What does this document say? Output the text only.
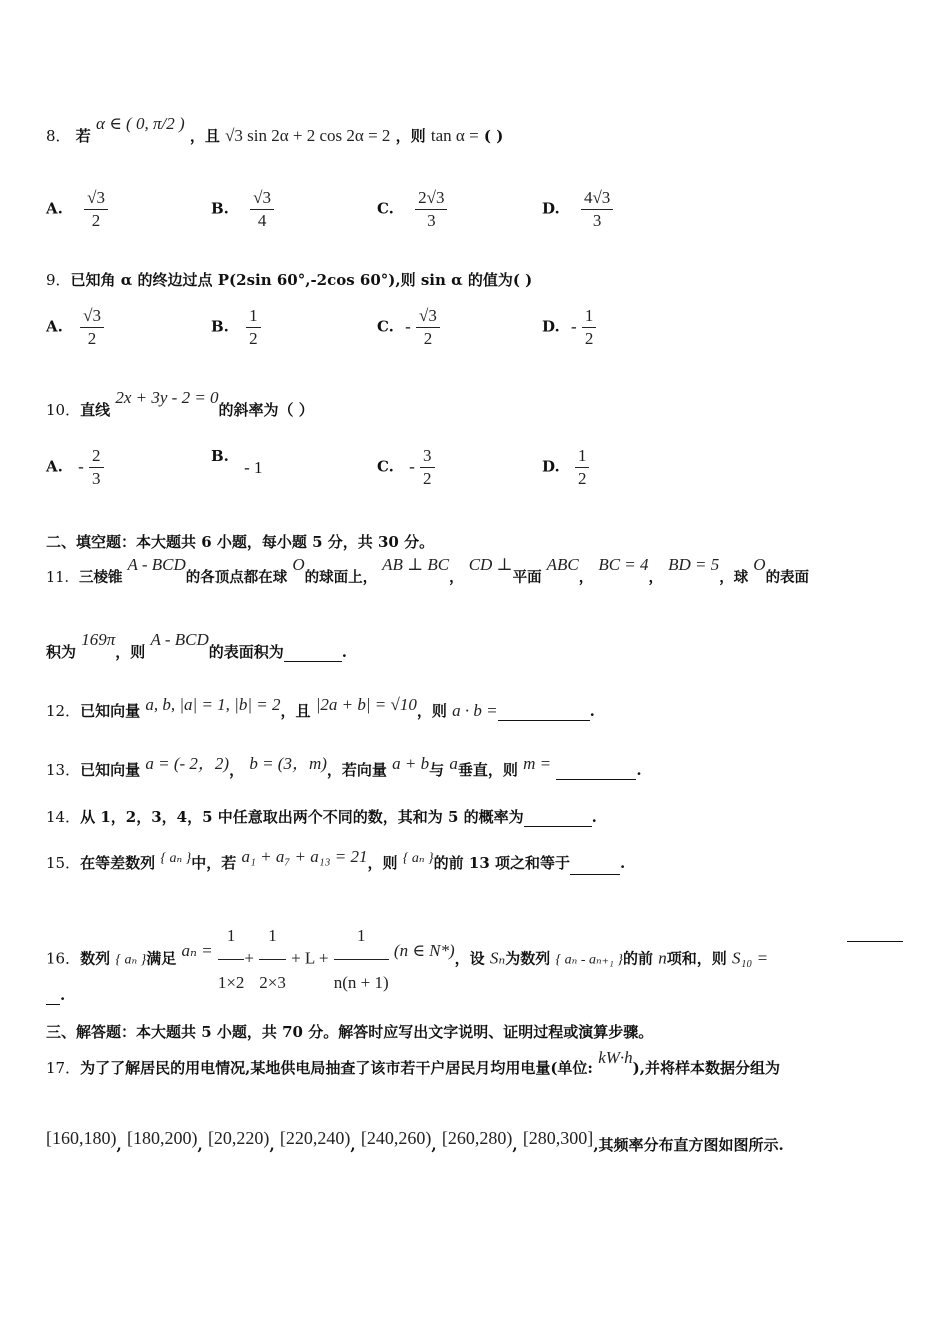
8． 若 α ∈ ( 0, π/2 ) ，且 √3 sin 2α + 2 cos 2α = 2 ，则 tan α = ( )
A. $\frac{√3}{2}$	B. $\frac{√3}{4}$	C. $\frac{2√3}{3}$	D. $\frac{4√3}{3}$
9．已知角 α 的终边过点 P(2sin 60°,-2cos 60°),则 sin α 的值为( )
A. $\frac{√3}{2}$	B. $\frac{1}{2}$	C. - $\frac{√3}{2}$	D. - $\frac{1}{2}$
10．直线 2x + 3y - 2 = 0的斜率为（ ）
A. - $\frac{2}{3}$	B. - 1	C. - $\frac{3}{2}$	D. $\frac{1}{2}$
二、填空题：本大题共 6 小题，每小题 5 分，共 30 分。
11．三棱锥 A - BCD的各顶点都在球 O的球面上， AB ⊥ BC， CD ⊥平面 ABC， BC = 4， BD = 5，球 O的表面
积为 169π，则 A - BCD的表面积为	.
12．已知向量 a, b, |a| = 1, |b| = 2，且 |2a + b| = √10，则 a · b =	.
13．已知向量 a = (- 2，2)， b = (3，m)，若向量 a + b与 a垂直，则 m =	.
14．从 1，2，3，4，5 中任意取出两个不同的数，其和为 5 的概率为	.
15．在等差数列 { aₙ }中，若 a₁ + a₇ + a₁₃ = 21，则 { aₙ }的前 13 项之和等于	.
16．数列 { aₙ }满足 $a_n = \frac{1}{1\times 2} + \frac{1}{2\times 3} + L + \frac{1}{n(n + 1)} (n$ ∈ N*)，设 Sₙ为数列 { aₙ - aₙ₊₁ }的前 n项和，则 S₁₀ =
.
三、解答题：本大题共 5 小题，共 70 分。解答时应写出文字说明、证明过程或演算步骤。
17．为了了解居民的用电情况,某地供电局抽查了该市若干户居民月均用电量(单位: kW·h),并将样本数据分组为
[160,180), [180,200), [20,220), [220,240), [240,260), [260,280), [280,300],其频率分布直方图如图所示.
